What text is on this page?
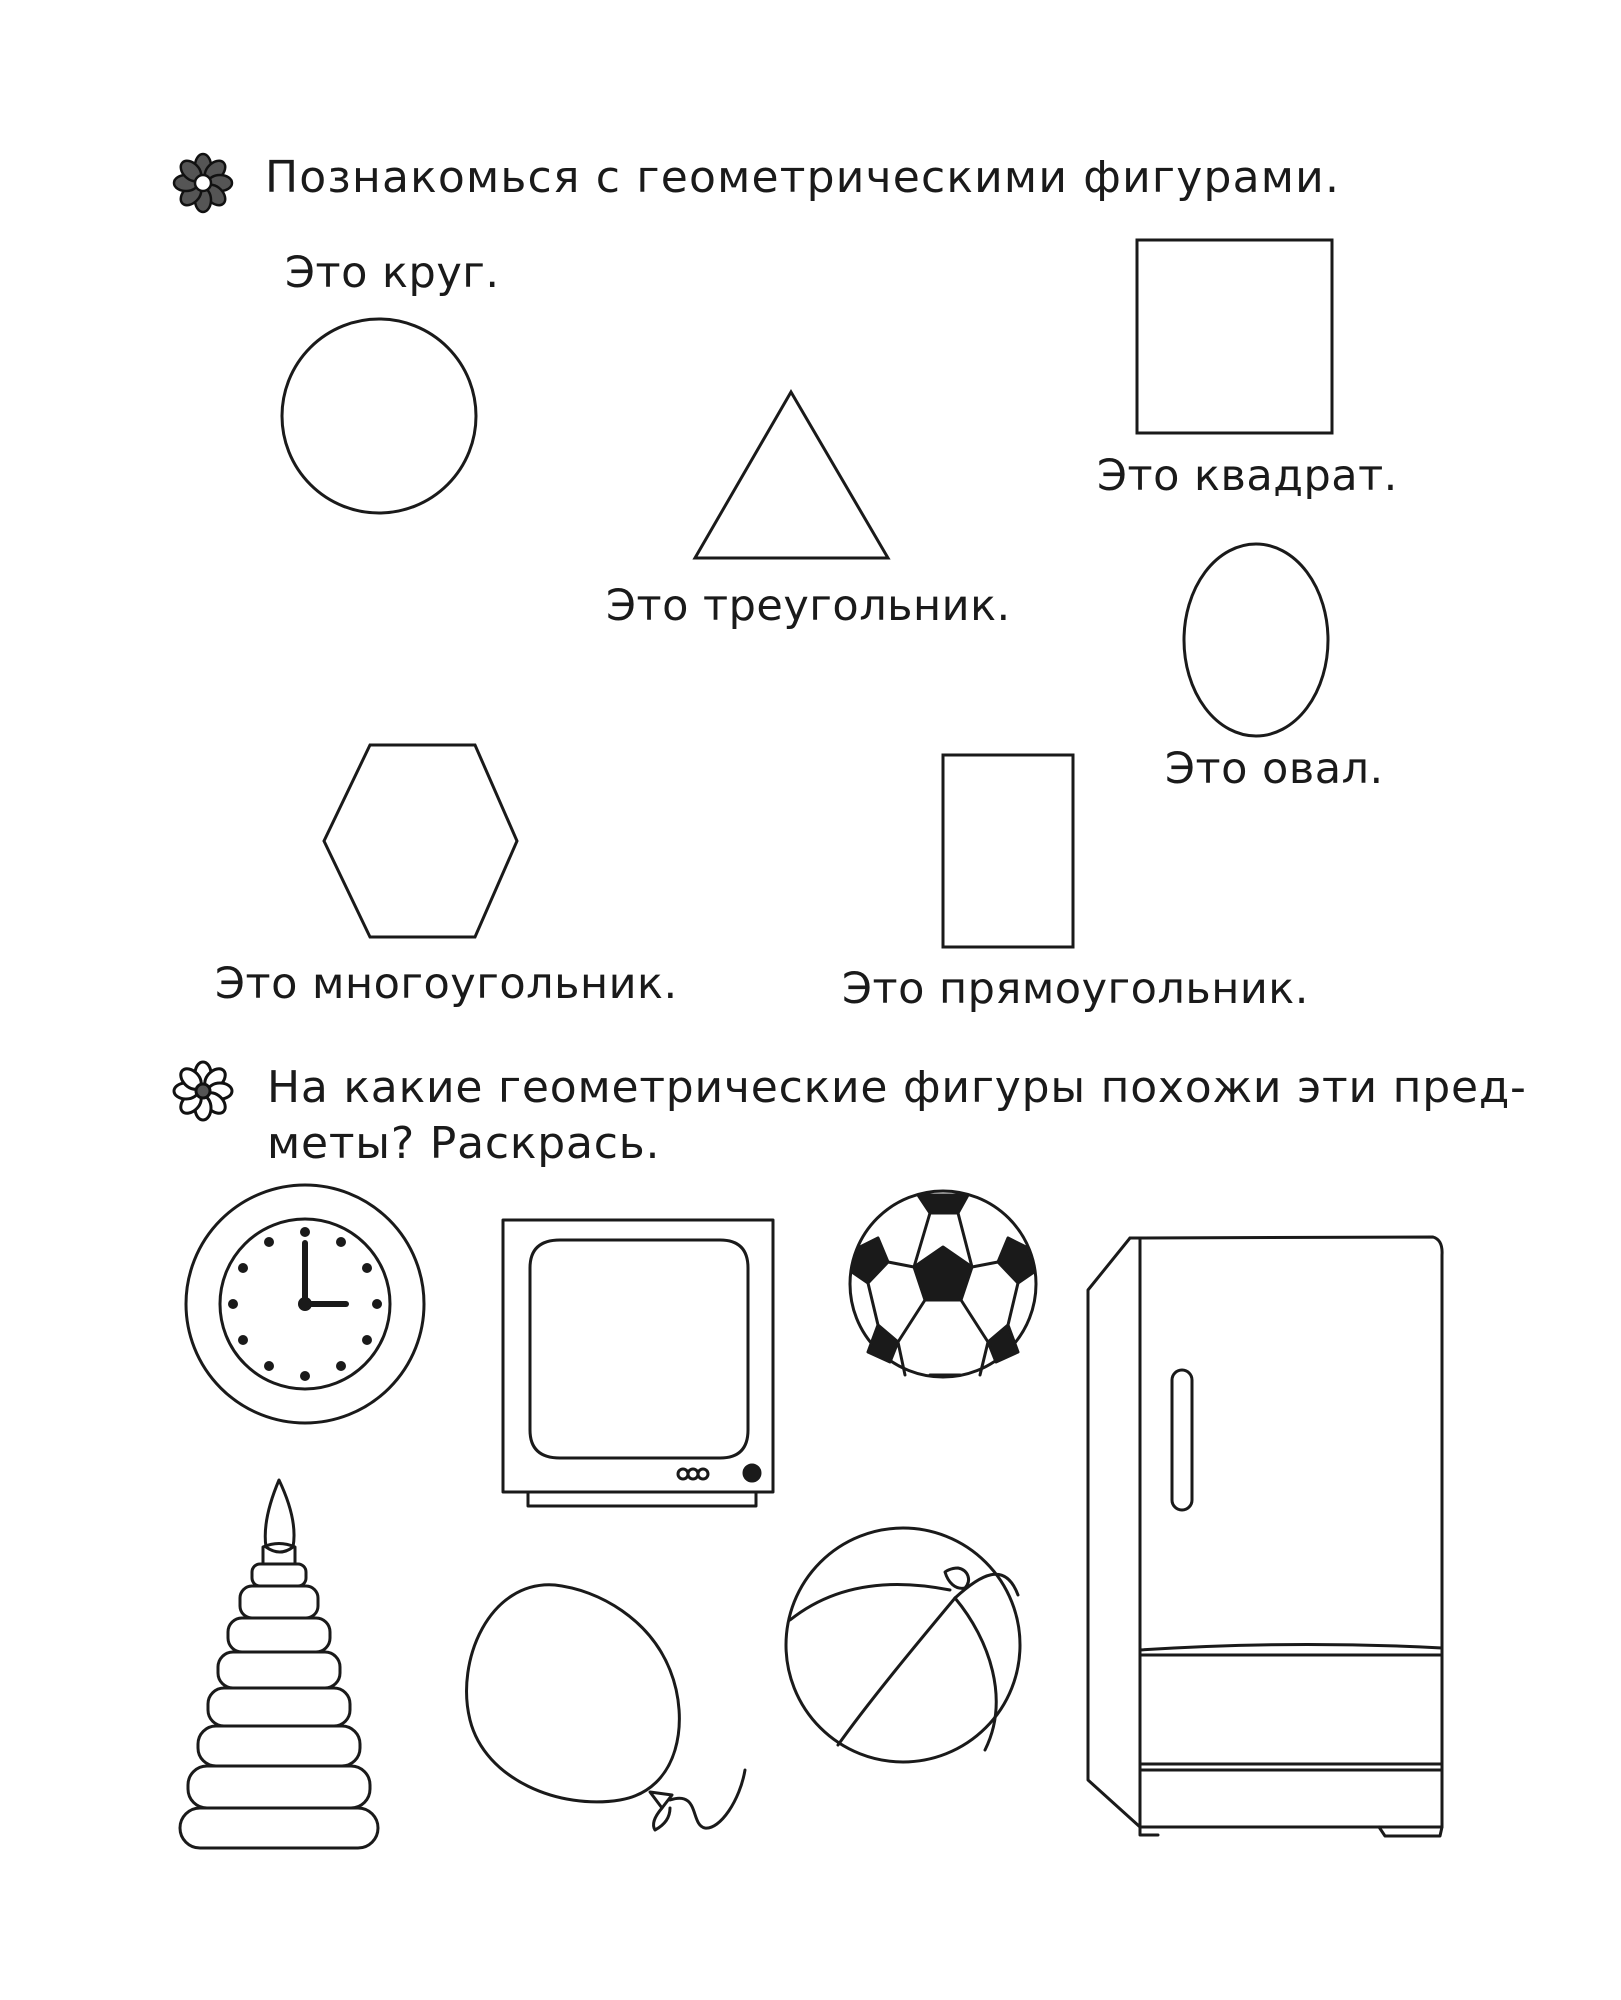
Познакомься с геометрическими фигурами.
Это круг.
Это квадрат.
Это треугольник.
Это овал.
Это многоугольник.	Это прямоугольник.
На какие геометрические фигуры похожи эти пред-
меты? Раскрась.
